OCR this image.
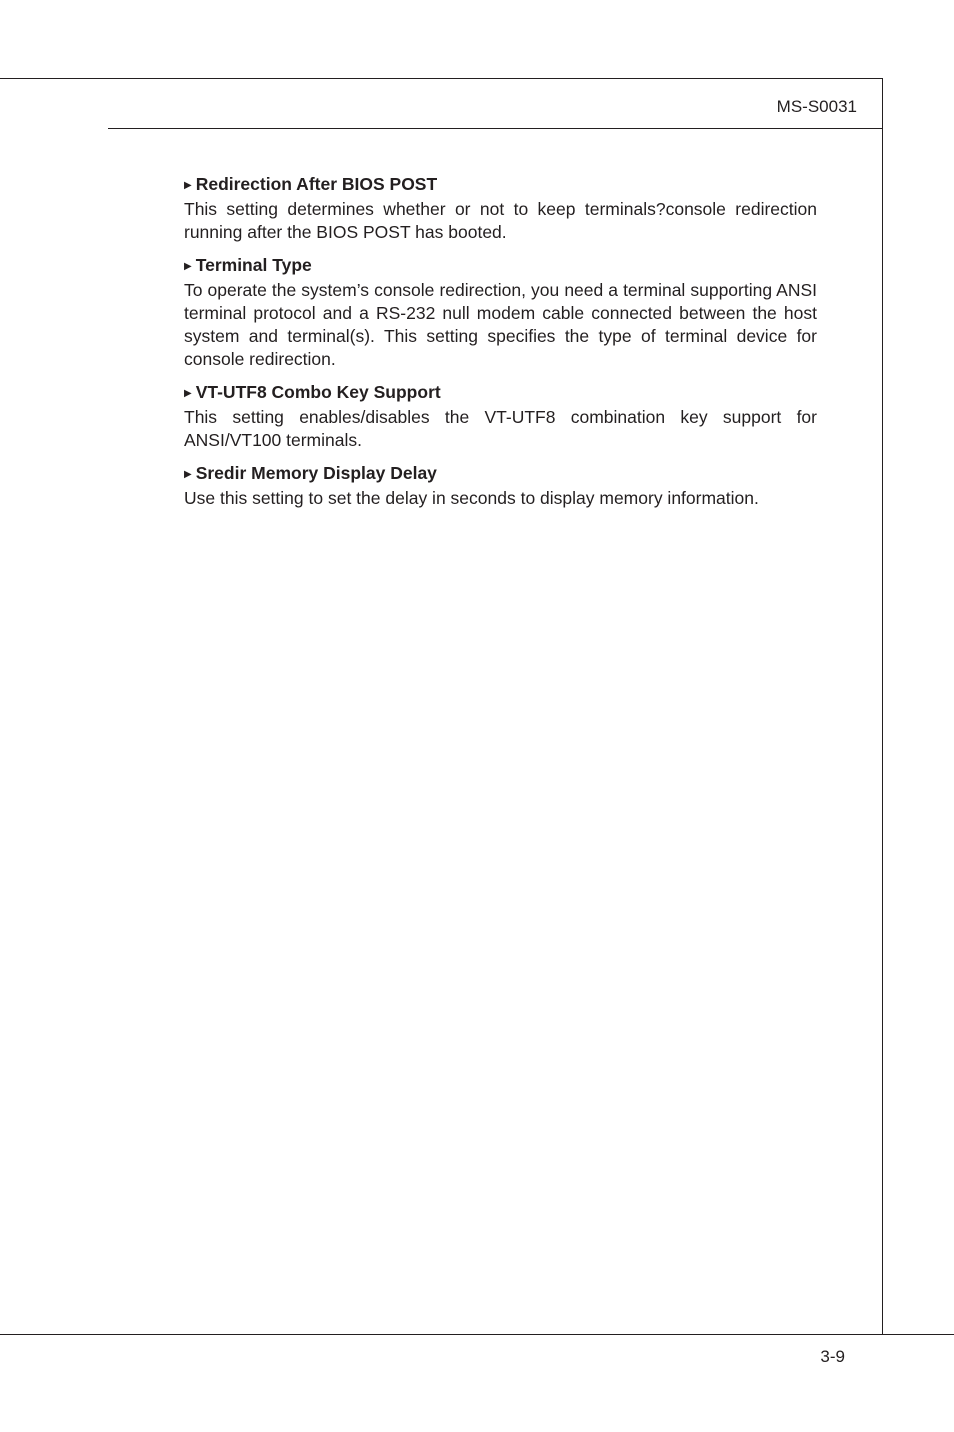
MS-S0031

▶ Redirection After BIOS POST

This setting determines whether or not to keep terminals?console redirection running after the BIOS POST has booted.

▶ Terminal Type

To operate the system’s console redirection, you need a terminal supporting ANSI terminal protocol and a RS-232 null modem cable connected between the host system and terminal(s). This setting specifies the type of terminal device for console redirection.

▶ VT-UTF8 Combo Key Support

This setting enables/disables the VT-UTF8 combination key support for ANSI/VT100 terminals.

▶ Sredir Memory Display Delay

Use this setting to set the delay in seconds to display memory information.

3-9
